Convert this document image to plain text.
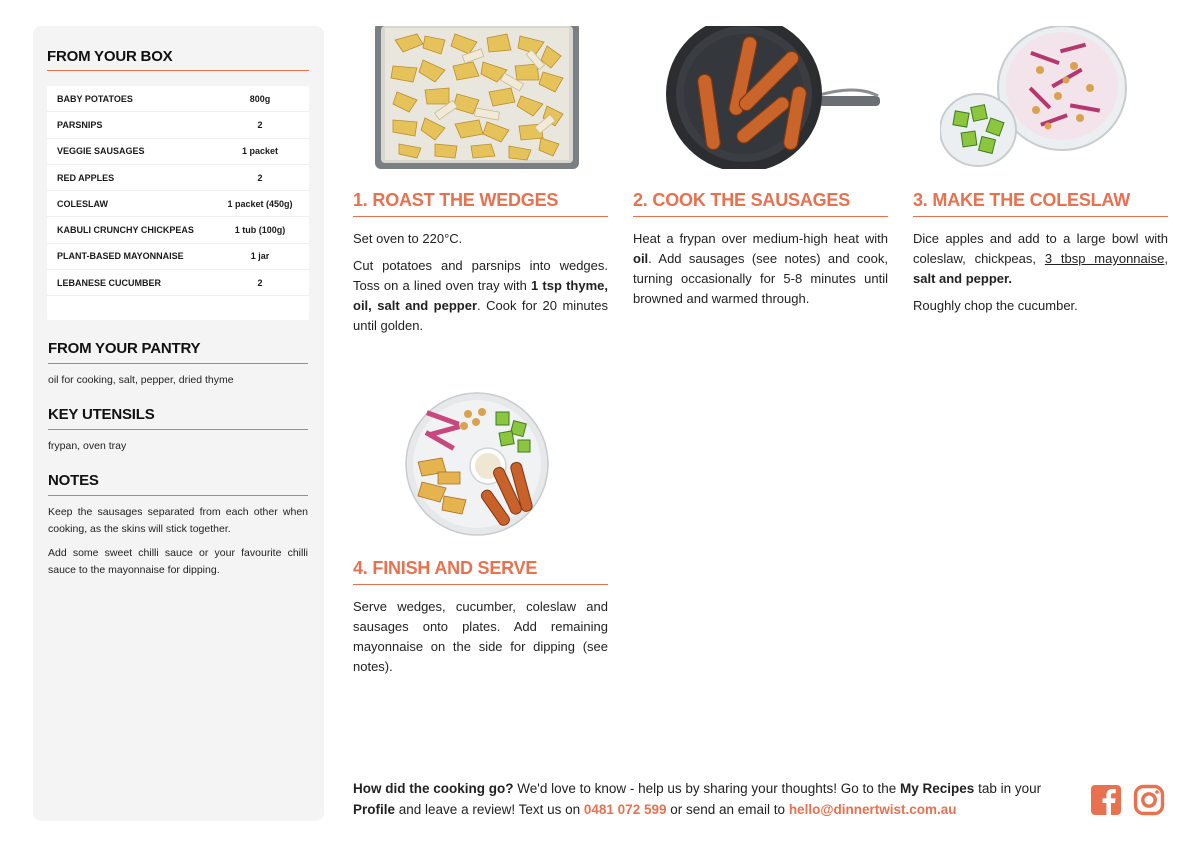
FROM YOUR BOX
BABY POTATOES	800g
PARSNIPS	2
VEGGIE SAUSAGES	1 packet
RED APPLES	2
COLESLAW	1 packet (450g)
KABULI CRUNCHY CHICKPEAS	1 tub (100g)
PLANT-BASED MAYONNAISE	1 jar
LEBANESE CUCUMBER	2
FROM YOUR PANTRY
oil for cooking, salt, pepper, dried thyme
KEY UTENSILS
frypan, oven tray
NOTES

Keep the sausages separated from each other when cooking, as the skins will stick together.

Add some sweet chilli sauce or your favourite chilli sauce to the mayonnaise for dipping.

1. ROAST THE WEDGES

Set oven to 220°C.

Cut potatoes and parsnips into wedges. Toss on a lined oven tray with 1 tsp thyme, oil, salt and pepper. Cook for 20 minutes until golden.

2. COOK THE SAUSAGES

Heat a frypan over medium-high heat with oil. Add sausages (see notes) and cook, turning occasionally for 5-8 minutes until browned and warmed through.

3. MAKE THE COLESLAW

Dice apples and add to a large bowl with coleslaw, chickpeas, 3 tbsp mayonnaise, salt and pepper.

Roughly chop the cucumber.

4. FINISH AND SERVE

Serve wedges, cucumber, coleslaw and sausages onto plates. Add remaining mayonnaise on the side for dipping (see notes).

How did the cooking go? We'd love to know - help us by sharing your thoughts! Go to the My Recipes tab in your Profile and leave a review! Text us on 0481 072 599 or send an email to hello@dinnertwist.com.au
